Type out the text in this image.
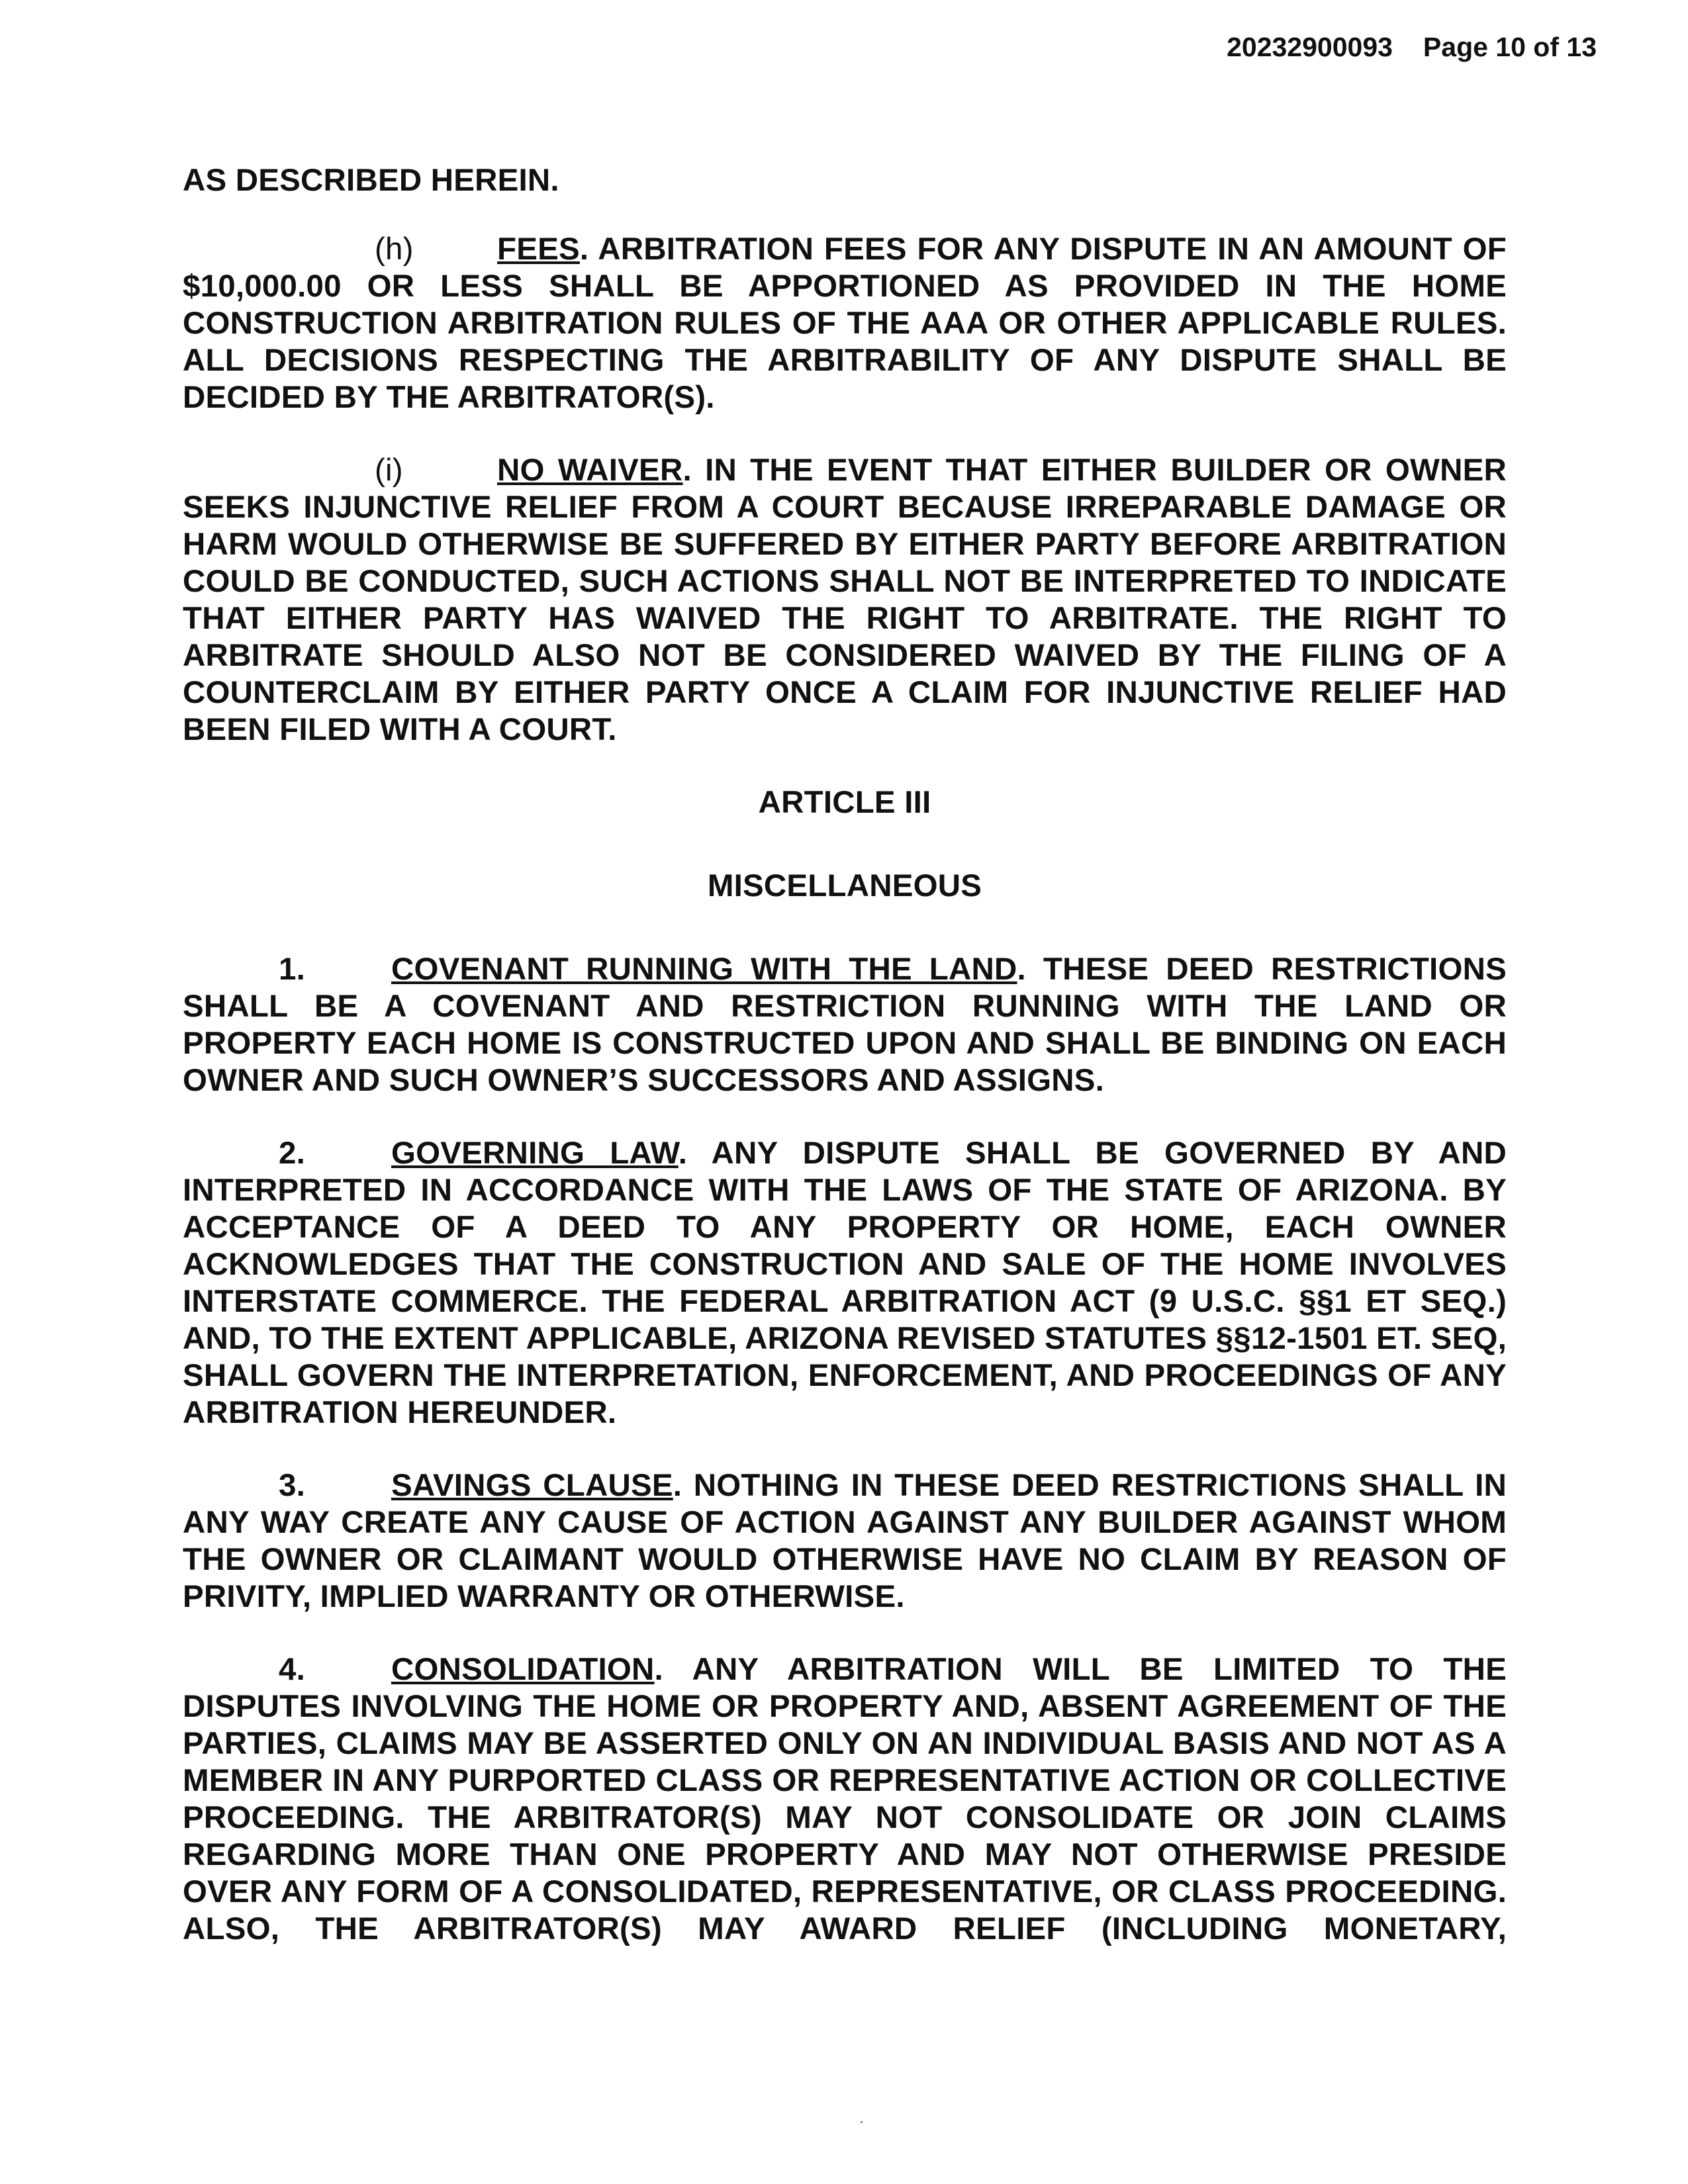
20232900093 Page 10 of 13

AS DESCRIBED HEREIN.

(h)	FEES. ARBITRATION FEES FOR ANY DISPUTE IN AN AMOUNT OF $10,000.00 OR LESS SHALL BE APPORTIONED AS PROVIDED IN THE HOME CONSTRUCTION ARBITRATION RULES OF THE AAA OR OTHER APPLICABLE RULES. ALL DECISIONS RESPECTING THE ARBITRABILITY OF ANY DISPUTE SHALL BE DECIDED BY THE ARBITRATOR(S).

(i)	NO WAIVER. IN THE EVENT THAT EITHER BUILDER OR OWNER SEEKS INJUNCTIVE RELIEF FROM A COURT BECAUSE IRREPARABLE DAMAGE OR HARM WOULD OTHERWISE BE SUFFERED BY EITHER PARTY BEFORE ARBITRATION COULD BE CONDUCTED, SUCH ACTIONS SHALL NOT BE INTERPRETED TO INDICATE THAT EITHER PARTY HAS WAIVED THE RIGHT TO ARBITRATE. THE RIGHT TO ARBITRATE SHOULD ALSO NOT BE CONSIDERED WAIVED BY THE FILING OF A COUNTERCLAIM BY EITHER PARTY ONCE A CLAIM FOR INJUNCTIVE RELIEF HAD BEEN FILED WITH A COURT.

ARTICLE III

MISCELLANEOUS

1.	COVENANT RUNNING WITH THE LAND. THESE DEED RESTRICTIONS SHALL BE A COVENANT AND RESTRICTION RUNNING WITH THE LAND OR PROPERTY EACH HOME IS CONSTRUCTED UPON AND SHALL BE BINDING ON EACH OWNER AND SUCH OWNER’S SUCCESSORS AND ASSIGNS.

2.	GOVERNING LAW. ANY DISPUTE SHALL BE GOVERNED BY AND INTERPRETED IN ACCORDANCE WITH THE LAWS OF THE STATE OF ARIZONA. BY ACCEPTANCE OF A DEED TO ANY PROPERTY OR HOME, EACH OWNER ACKNOWLEDGES THAT THE CONSTRUCTION AND SALE OF THE HOME INVOLVES INTERSTATE COMMERCE. THE FEDERAL ARBITRATION ACT (9 U.S.C. §§1 ET SEQ.) AND, TO THE EXTENT APPLICABLE, ARIZONA REVISED STATUTES §§12-1501 ET. SEQ, SHALL GOVERN THE INTERPRETATION, ENFORCEMENT, AND PROCEEDINGS OF ANY ARBITRATION HEREUNDER.

3.	SAVINGS CLAUSE. NOTHING IN THESE DEED RESTRICTIONS SHALL IN ANY WAY CREATE ANY CAUSE OF ACTION AGAINST ANY BUILDER AGAINST WHOM THE OWNER OR CLAIMANT WOULD OTHERWISE HAVE NO CLAIM BY REASON OF PRIVITY, IMPLIED WARRANTY OR OTHERWISE.

4.	CONSOLIDATION. ANY ARBITRATION WILL BE LIMITED TO THE DISPUTES INVOLVING THE HOME OR PROPERTY AND, ABSENT AGREEMENT OF THE PARTIES, CLAIMS MAY BE ASSERTED ONLY ON AN INDIVIDUAL BASIS AND NOT AS A MEMBER IN ANY PURPORTED CLASS OR REPRESENTATIVE ACTION OR COLLECTIVE PROCEEDING. THE ARBITRATOR(S) MAY NOT CONSOLIDATE OR JOIN CLAIMS REGARDING MORE THAN ONE PROPERTY AND MAY NOT OTHERWISE PRESIDE OVER ANY FORM OF A CONSOLIDATED, REPRESENTATIVE, OR CLASS PROCEEDING. ALSO, THE ARBITRATOR(S) MAY AWARD RELIEF (INCLUDING MONETARY,
